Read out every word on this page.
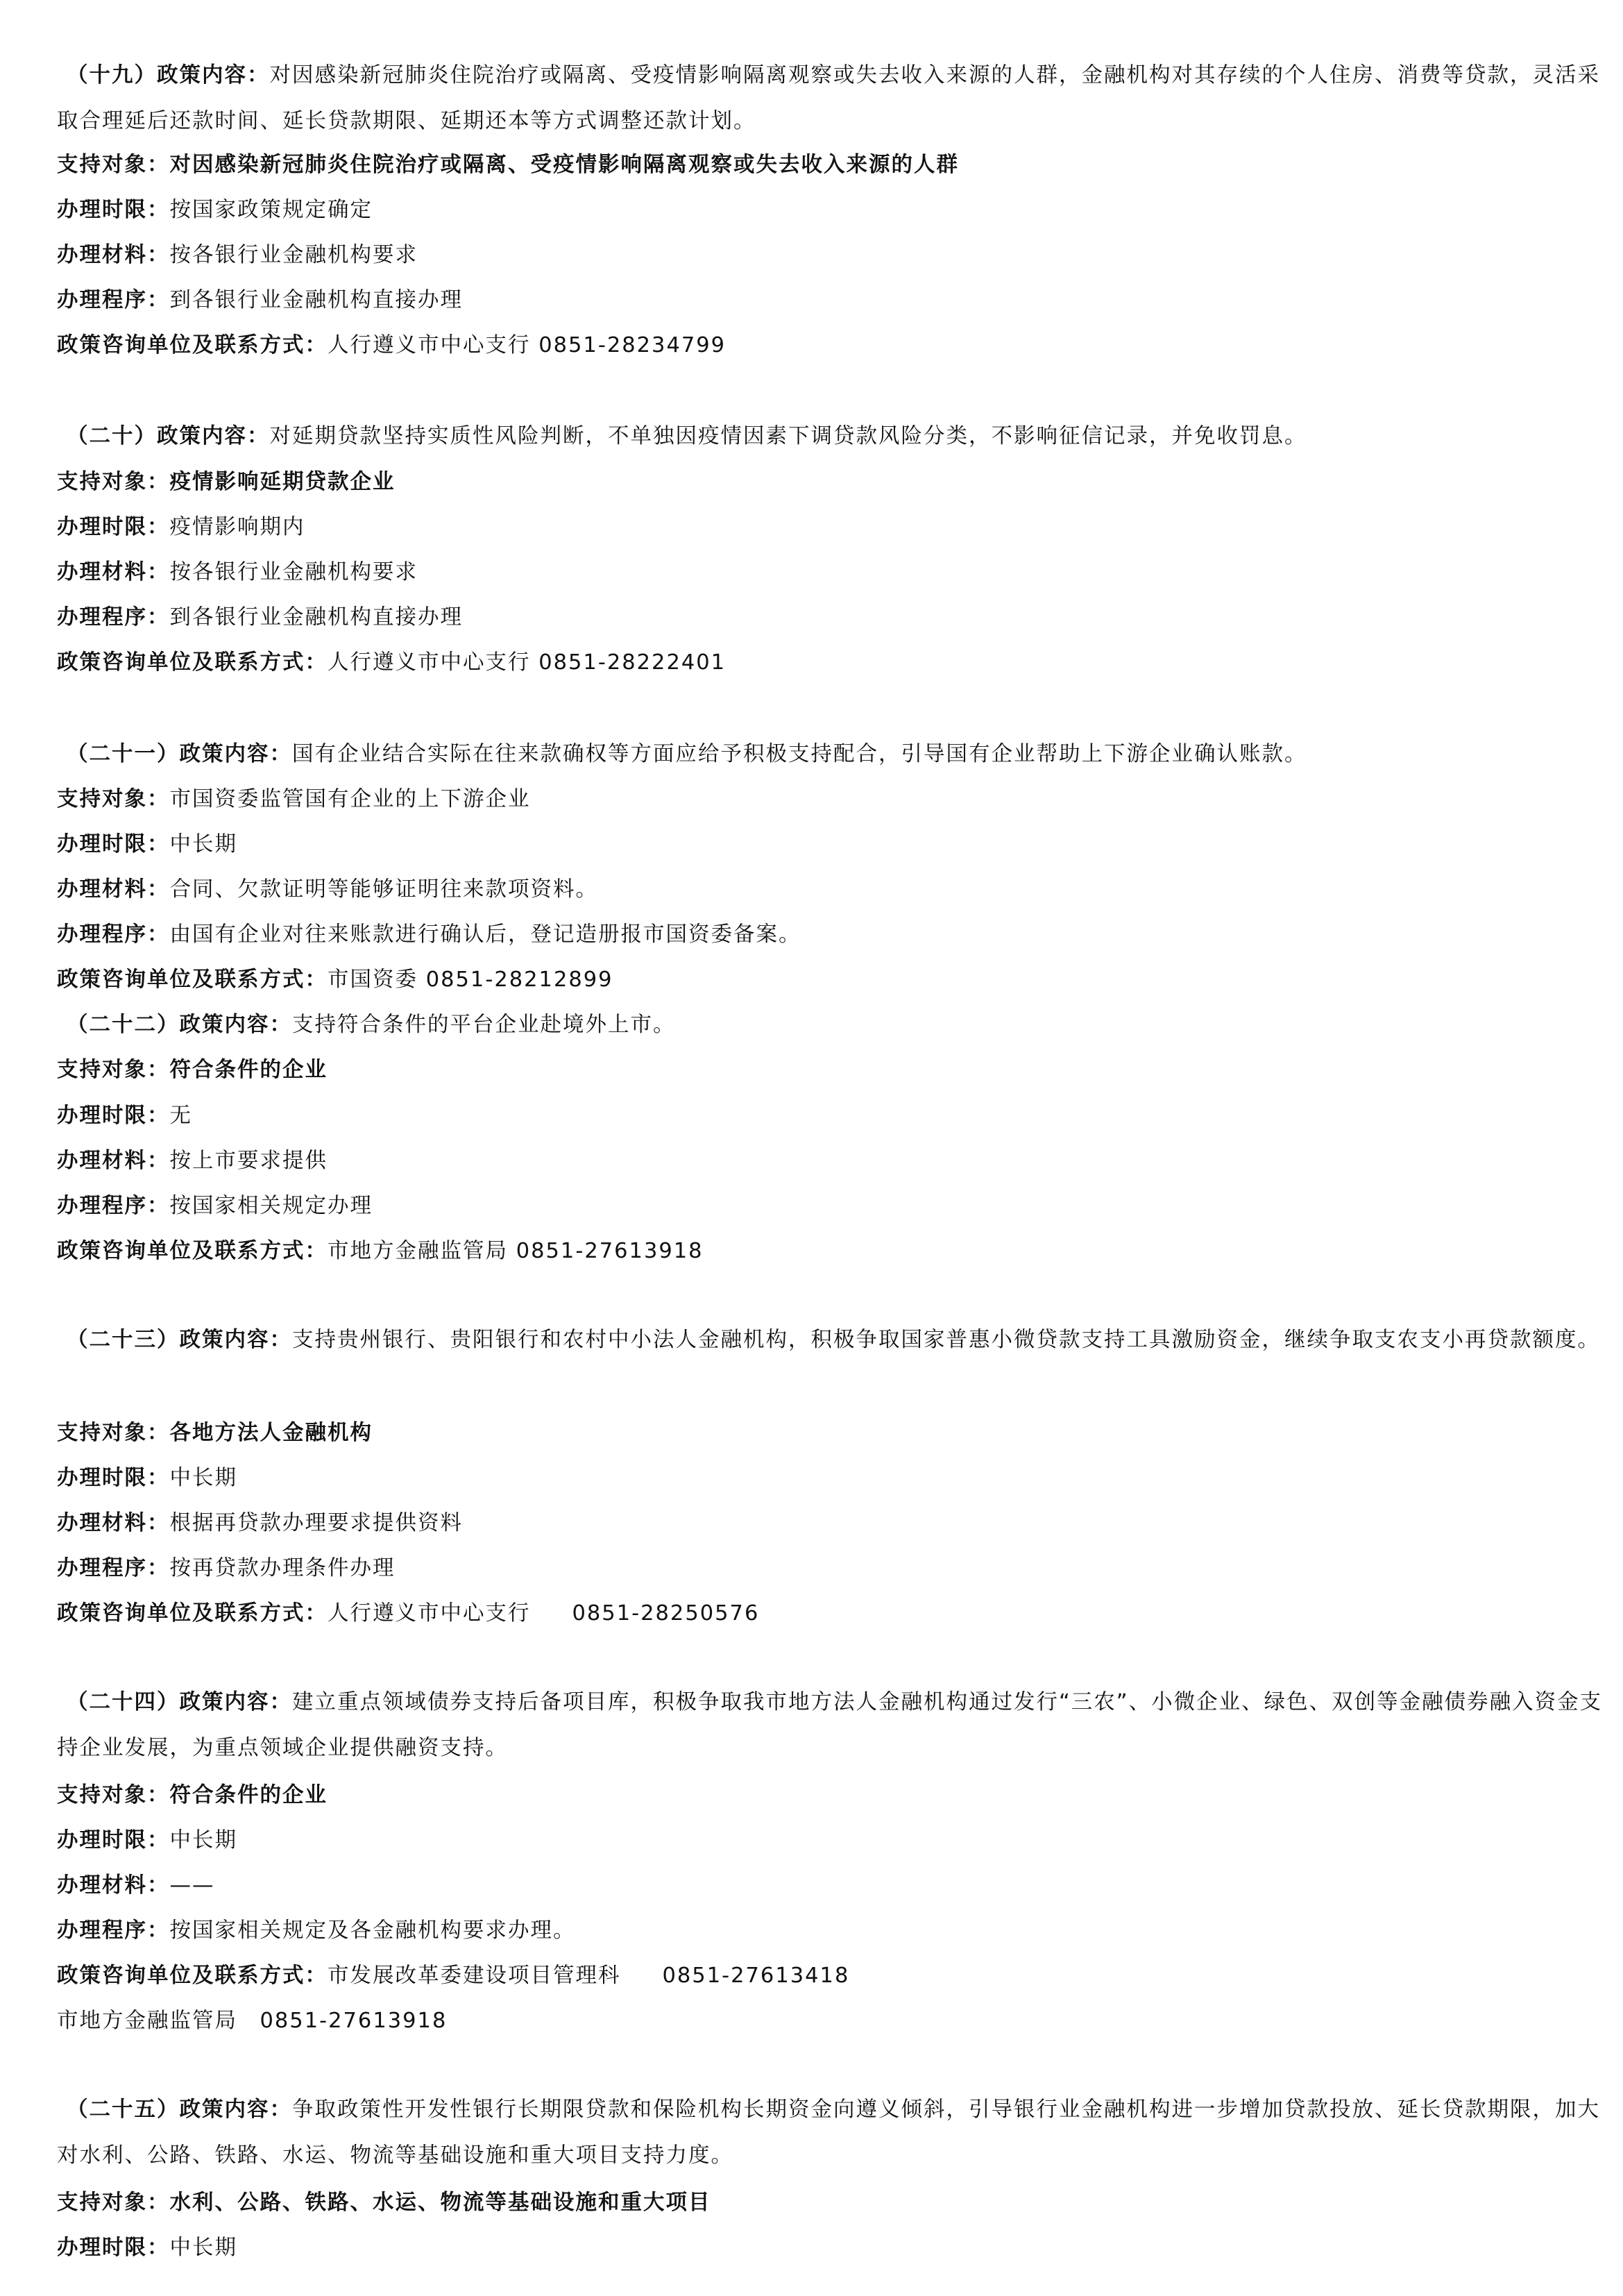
（十九）政策内容：对因感染新冠肺炎住院治疗或隔离、受疫情影响隔离观察或失去收入来源的人群，金融机构对其存续的个人住房、消费等贷款，灵活采取合理延后还款时间、延长贷款期限、延期还本等方式调整还款计划。
支持对象：对因感染新冠肺炎住院治疗或隔离、受疫情影响隔离观察或失去收入来源的人群
办理时限：按国家政策规定确定
办理材料：按各银行业金融机构要求
办理程序：到各银行业金融机构直接办理
政策咨询单位及联系方式：人行遵义市中心支行 0851-28234799
（二十）政策内容：对延期贷款坚持实质性风险判断，不单独因疫情因素下调贷款风险分类，不影响征信记录，并免收罚息。
支持对象：疫情影响延期贷款企业
办理时限：疫情影响期内
办理材料：按各银行业金融机构要求
办理程序：到各银行业金融机构直接办理
政策咨询单位及联系方式：人行遵义市中心支行 0851-28222401
（二十一）政策内容：国有企业结合实际在往来款确权等方面应给予积极支持配合，引导国有企业帮助上下游企业确认账款。
支持对象：市国资委监管国有企业的上下游企业
办理时限：中长期
办理材料：合同、欠款证明等能够证明往来款项资料。
办理程序：由国有企业对往来账款进行确认后，登记造册报市国资委备案。
政策咨询单位及联系方式：市国资委 0851-28212899
（二十二）政策内容：支持符合条件的平台企业赴境外上市。
支持对象：符合条件的企业
办理时限：无
办理材料：按上市要求提供
办理程序：按国家相关规定办理
政策咨询单位及联系方式：市地方金融监管局 0851-27613918
（二十三）政策内容：支持贵州银行、贵阳银行和农村中小法人金融机构，积极争取国家普惠小微贷款支持工具激励资金，继续争取支农支小再贷款额度。
支持对象：各地方法人金融机构
办理时限：中长期
办理材料：根据再贷款办理要求提供资料
办理程序：按再贷款办理条件办理
政策咨询单位及联系方式：人行遵义市中心支行 0851-28250576
（二十四）政策内容：建立重点领域债券支持后备项目库，积极争取我市地方法人金融机构通过发行“三农”、小微企业、绿色、双创等金融债券融入资金支持企业发展，为重点领域企业提供融资支持。
支持对象：符合条件的企业
办理时限：中长期
办理材料：——
办理程序：按国家相关规定及各金融机构要求办理。
政策咨询单位及联系方式：市发展改革委建设项目管理科 0851-27613418
市地方金融监管局　0851-27613918
（二十五）政策内容：争取政策性开发性银行长期限贷款和保险机构长期资金向遵义倾斜，引导银行业金融机构进一步增加贷款投放、延长贷款期限，加大对水利、公路、铁路、水运、物流等基础设施和重大项目支持力度。
支持对象：水利、公路、铁路、水运、物流等基础设施和重大项目
办理时限：中长期
